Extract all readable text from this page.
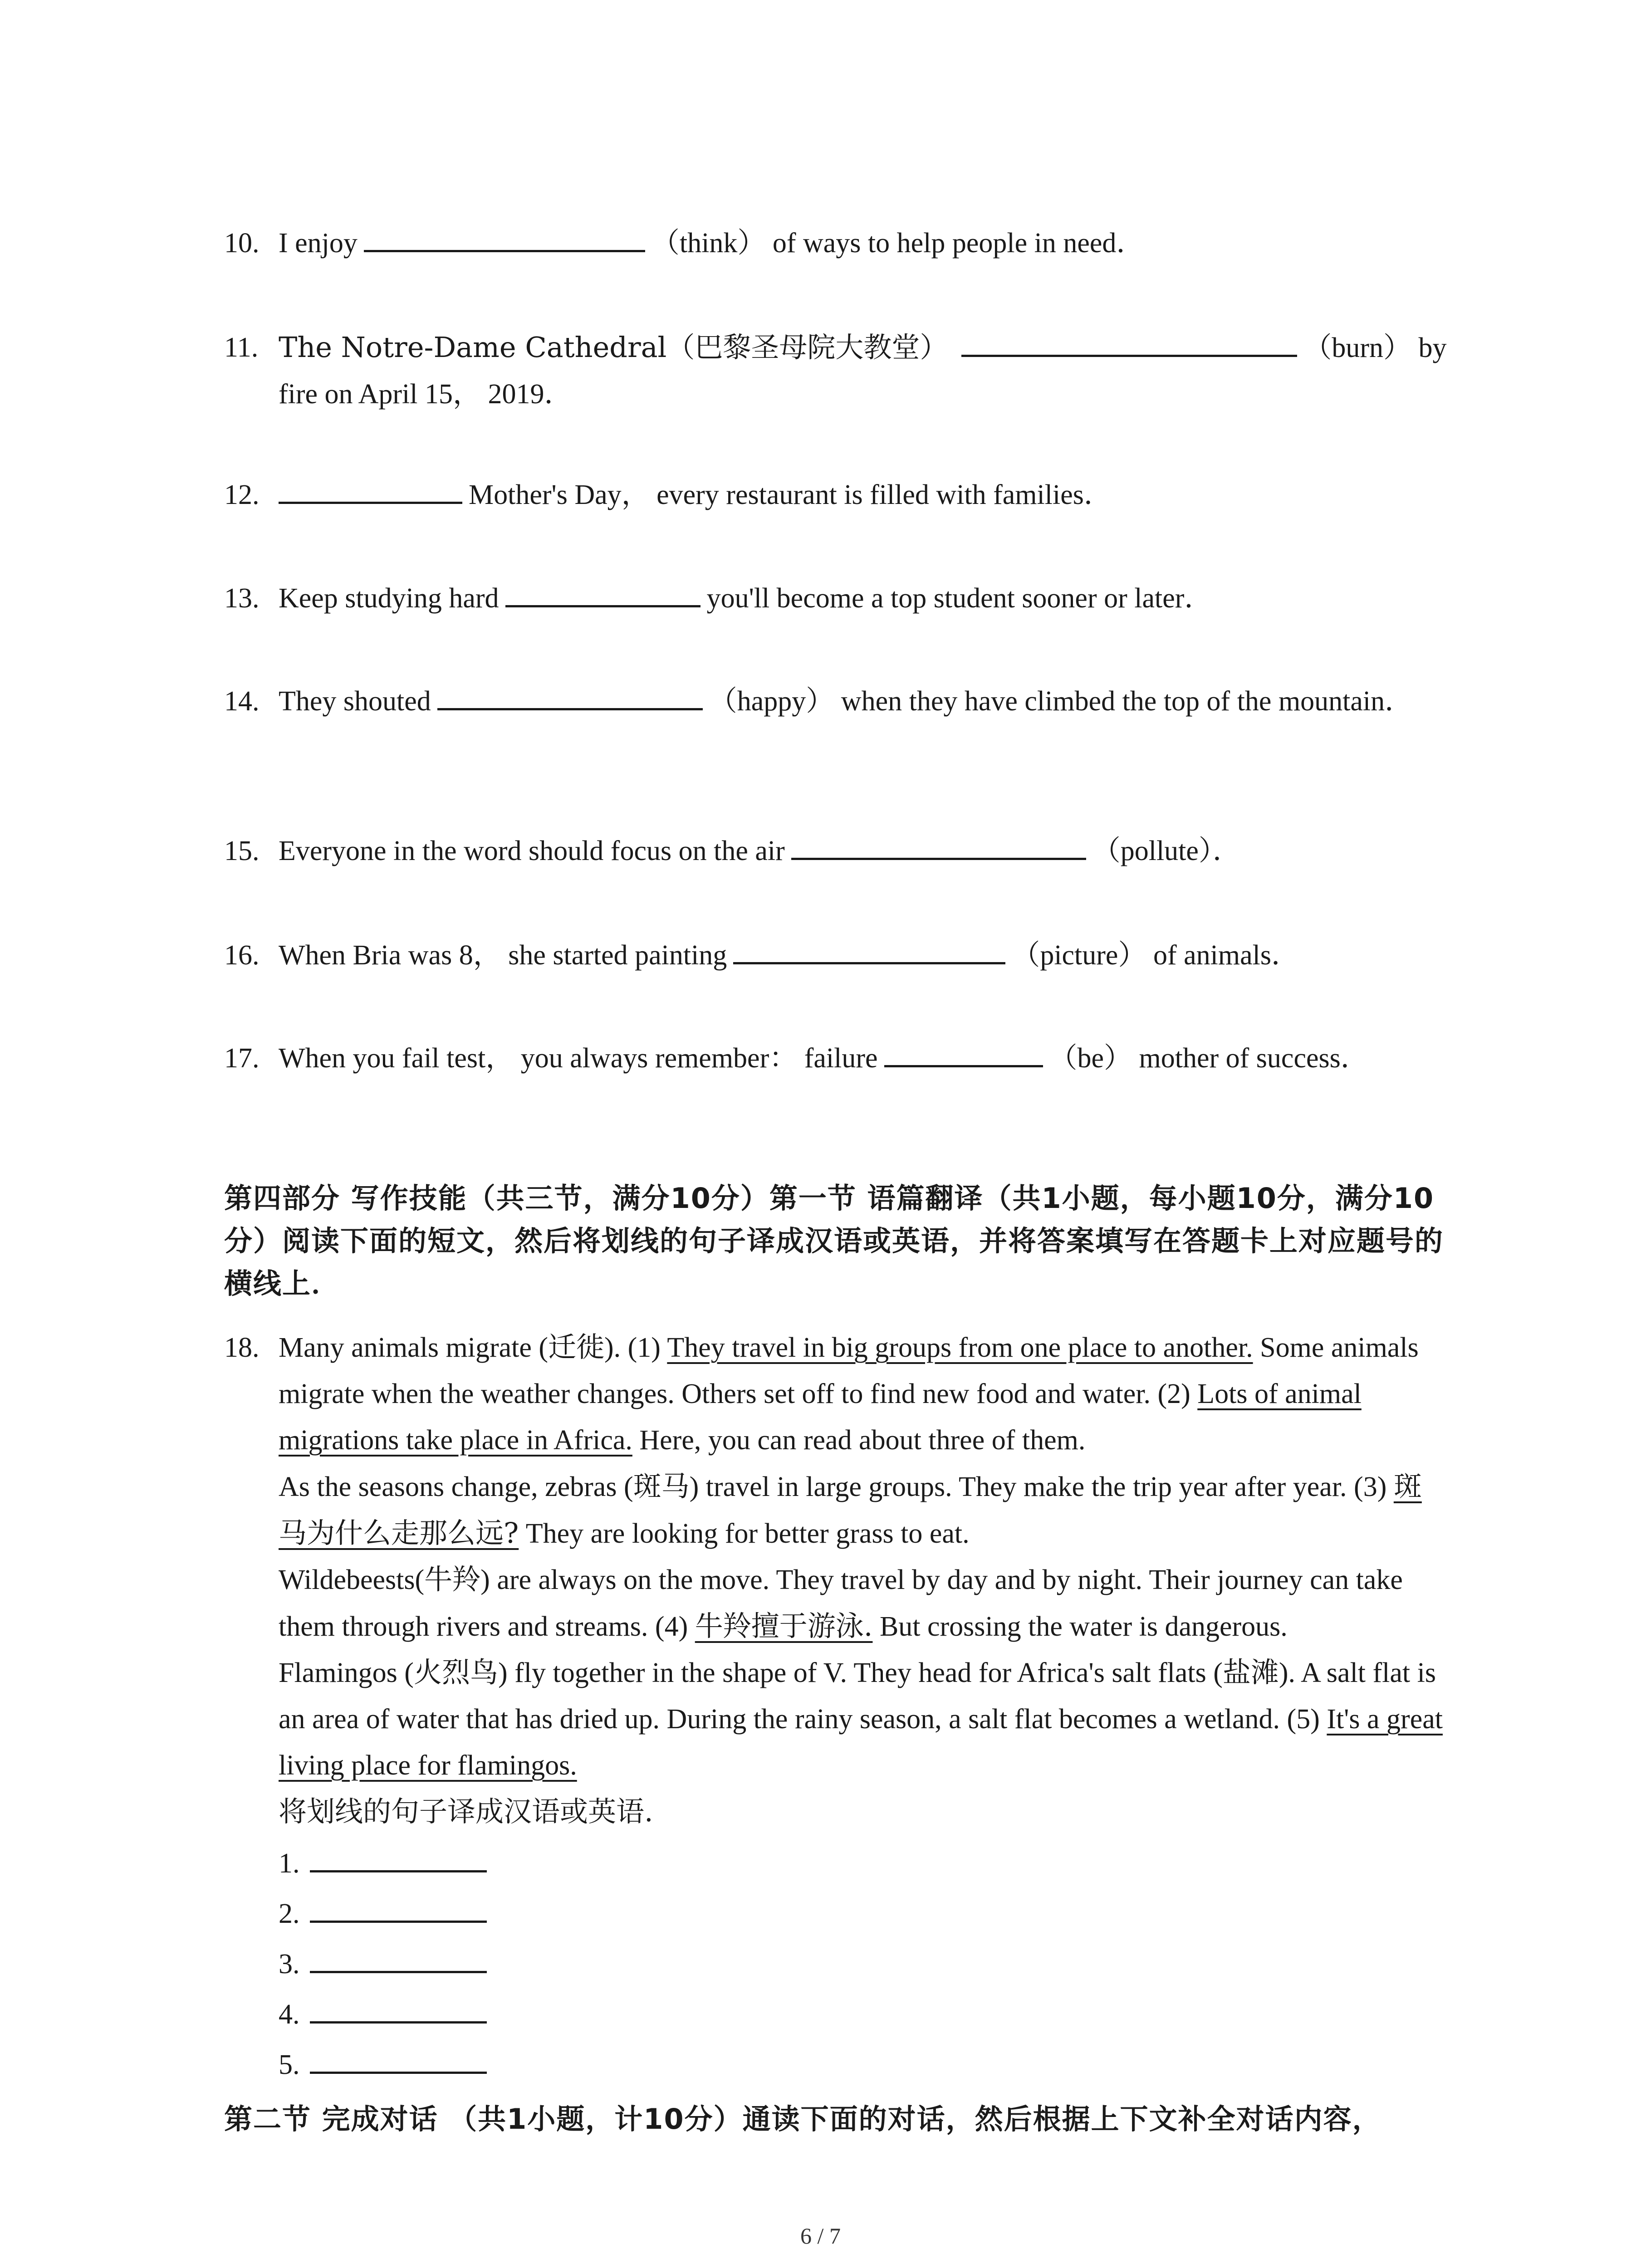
10. I enjoy	（think） of ways to help people in need．
11. The Notre-Dame Cathedral（巴黎圣母院大教堂）	（burn） by fire on April 15， 2019．
12.	Mother's Day， every restaurant is filled with families．
13. Keep studying hard	you'll become a top student sooner or later．
14. They shouted	（happy） when they have climbed the top of the mountain．
15. Everyone in the word should focus on the air	（pollute）．
16. When Bria was 8， she started painting	（picture） of animals．
17. When you fail test， you always remember： failure	（be） mother of success．
第四部分 写作技能（共三节，满分10分）第一节 语篇翻译（共1小题，每小题10分，满分10分）阅读下面的短文，然后将划线的句子译成汉语或英语，并将答案填写在答题卡上对应题号的横线上．
18. Many animals migrate (迁徙). (1) They travel in big groups from one place to another. Some animals migrate when the weather changes. Others set off to find new food and water. (2) Lots of animal migrations take place in Africa. Here, you can read about three of them.
As the seasons change, zebras (斑马) travel in large groups. They make the trip year after year. (3) 斑马为什么走那么远? They are looking for better grass to eat.
Wildebeests(牛羚) are always on the move. They travel by day and by night. Their journey can take them through rivers and streams. (4) 牛羚擅于游泳. But crossing the water is dangerous.
Flamingos (火烈鸟) fly together in the shape of V. They head for Africa's salt flats (盐滩). A salt flat is an area of water that has dried up. During the rainy season, a salt flat becomes a wetland. (5) It's a great living place for flamingos.
将划线的句子译成汉语或英语.
1.
2.
3.
4.
5.
第二节 完成对话 （共1小题，计10分）通读下面的对话，然后根据上下文补全对话内容，
6 / 7
